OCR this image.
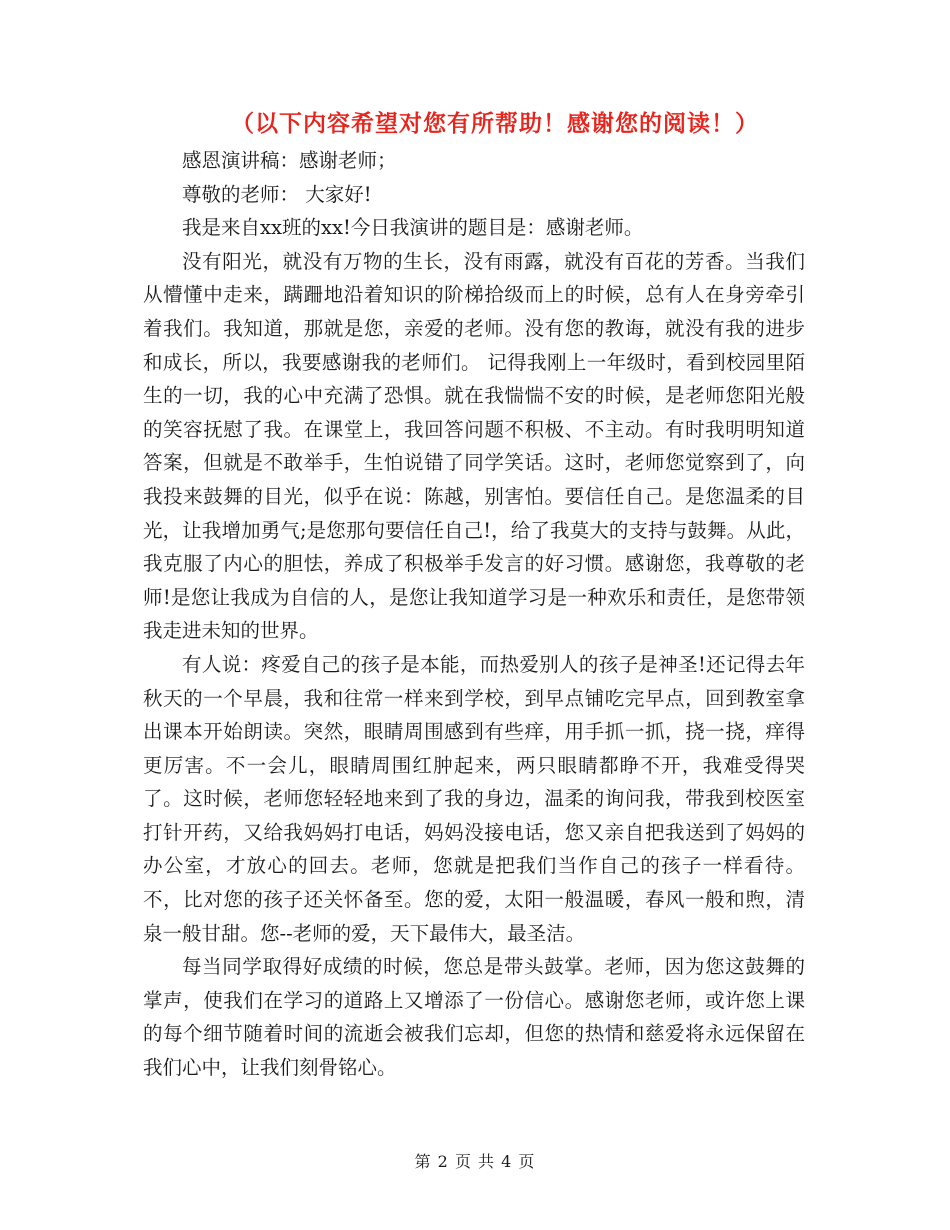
（以下内容希望对您有所帮助！感谢您的阅读！）

感恩演讲稿：感谢老师；

尊敬的老师： 大家好!

我是来自xx班的xx!今日我演讲的题目是：感谢老师。

没有阳光，就没有万物的生长，没有雨露，就没有百花的芳香。当我们从懵懂中走来，蹒跚地沿着知识的阶梯拾级而上的时候，总有人在身旁牵引着我们。我知道，那就是您，亲爱的老师。没有您的教诲，就没有我的进步和成长，所以，我要感谢我的老师们。 记得我刚上一年级时，看到校园里陌生的一切，我的心中充满了恐惧。就在我惴惴不安的时候，是老师您阳光般的笑容抚慰了我。在课堂上，我回答问题不积极、不主动。有时我明明知道答案，但就是不敢举手，生怕说错了同学笑话。这时，老师您觉察到了，向我投来鼓舞的目光，似乎在说：陈越，别害怕。要信任自己。是您温柔的目光，让我增加勇气;是您那句要信任自己!，给了我莫大的支持与鼓舞。从此，我克服了内心的胆怯，养成了积极举手发言的好习惯。感谢您，我尊敬的老师!是您让我成为自信的人，是您让我知道学习是一种欢乐和责任，是您带领我走进未知的世界。

有人说：疼爱自己的孩子是本能，而热爱别人的孩子是神圣!还记得去年秋天的一个早晨，我和往常一样来到学校，到早点铺吃完早点，回到教室拿出课本开始朗读。突然，眼睛周围感到有些痒，用手抓一抓，挠一挠，痒得更厉害。不一会儿，眼睛周围红肿起来，两只眼睛都睁不开，我难受得哭了。这时候，老师您轻轻地来到了我的身边，温柔的询问我，带我到校医室打针开药，又给我妈妈打电话，妈妈没接电话，您又亲自把我送到了妈妈的办公室，才放心的回去。老师，您就是把我们当作自己的孩子一样看待。不，比对您的孩子还关怀备至。您的爱，太阳一般温暖，春风一般和煦，清泉一般甘甜。您--老师的爱，天下最伟大，最圣洁。

每当同学取得好成绩的时候，您总是带头鼓掌。老师，因为您这鼓舞的掌声，使我们在学习的道路上又增添了一份信心。感谢您老师，或许您上课的每个细节随着时间的流逝会被我们忘却，但您的热情和慈爱将永远保留在我们心中，让我们刻骨铭心。

第 2 页 共 4 页
